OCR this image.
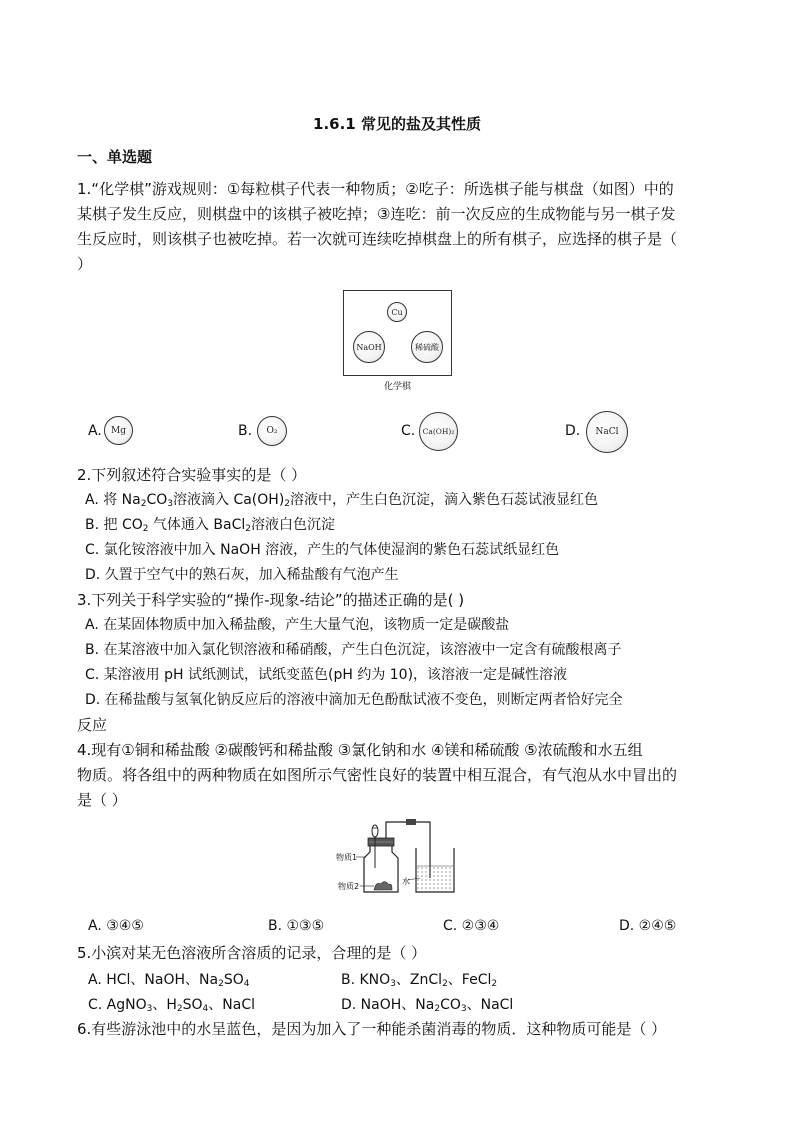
1.6.1 常见的盐及其性质
一、单选题
1.“化学棋”游戏规则：①每粒棋子代表一种物质；②吃子：所选棋子能与棋盘（如图）中的
某棋子发生反应，则棋盘中的该棋子被吃掉；③连吃：前一次反应的生成物能与另一棋子发
生反应时，则该棋子也被吃掉。若一次就可连续吃掉棋盘上的所有棋子，应选择的棋子是（
）
Cu
NaOH	稀硫酸
化学棋
A.	Mg	B.	O₂	C. Ca(OH)₂	D.	NaCl
2.下列叙述符合实验事实的是（ ）
A. 将 $Na_2CO_3$溶液滴入 $Ca(OH)_2$溶液中，产生白色沉淀，滴入紫色石蕊试液显红色
B. 把 $CO_2$ 气体通入 BaCl$_2$溶液白色沉淀
C. 氯化铵溶液中加入 NaOH 溶液，产生的气体使湿润的紫色石蕊试纸显红色
D. 久置于空气中的熟石灰，加入稀盐酸有气泡产生
3.下列关于科学实验的“操作-现象-结论”的描述正确的是( )
A. 在某固体物质中加入稀盐酸，产生大量气泡，该物质一定是碳酸盐
B. 在某溶液中加入氯化钡溶液和稀硝酸，产生白色沉淀，该溶液中一定含有硫酸根离子
C. 某溶液用 pH 试纸测试，试纸变蓝色(pH 约为 10)，该溶液一定是碱性溶液
D. 在稀盐酸与氢氧化钠反应后的溶液中滴加无色酚酞试液不变色，则断定两者恰好完全
反应
4.现有①铜和稀盐酸 ②碳酸钙和稀盐酸 ③氯化钠和水 ④镁和稀硫酸 ⑤浓硫酸和水五组
物质。将各组中的两种物质在如图所示气密性良好的装置中相互混合，有气泡从水中冒出的
是（ ）
物质1
物质2
水
A. ③④⑤	B. ①③⑤	C. ②③④	D. ②④⑤
5.小滨对某无色溶液所含溶质的记录，合理的是（ ）
A. HCl、NaOH、$Na_2SO_4$	B. $KNO_3$、ZnCl$_2$、FeCl$_2$
C. AgNO$_3$、$H_2SO_4$、NaCl	D. NaOH、$Na_2CO_3$、NaCl
6.有些游泳池中的水呈蓝色，是因为加入了一种能杀菌消毒的物质．这种物质可能是（ ）
